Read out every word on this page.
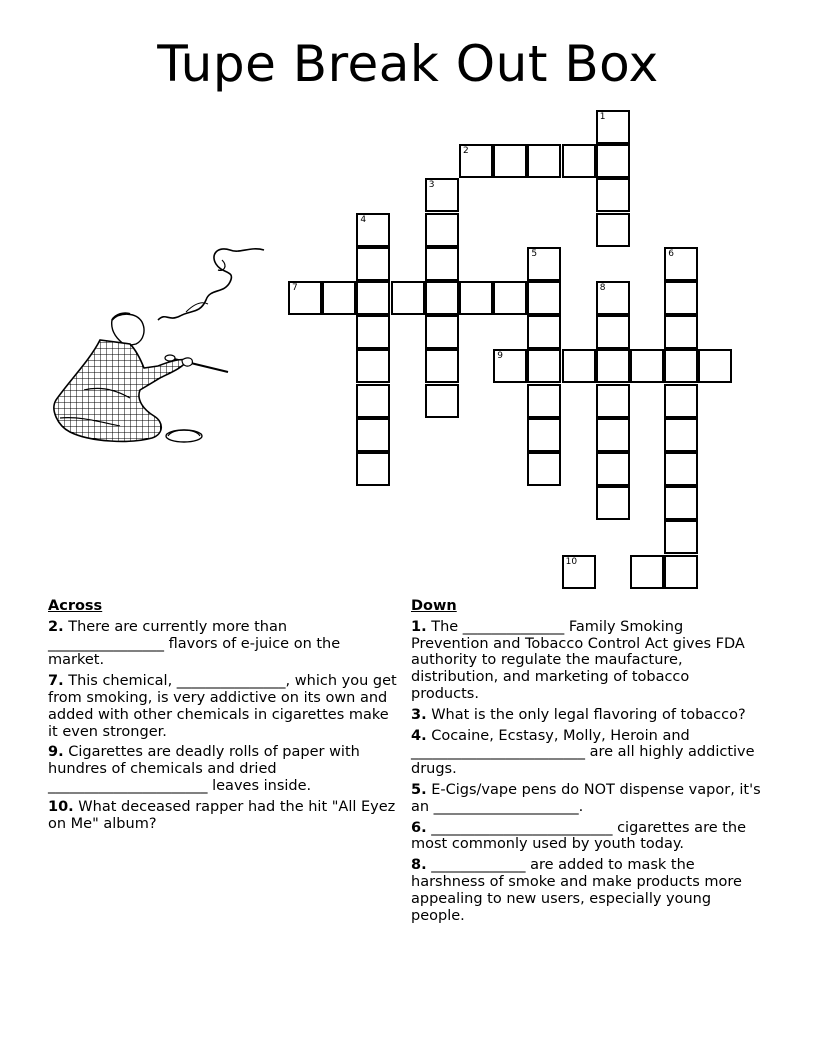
Tupe Break Out Box
1
2
3
4
5	6
7	8
9
10
Across
2. There are currently more than ________________ flavors of e-juice on the market.
7. This chemical, _______________, which you get from smoking, is very addictive on its own and added with other chemicals in cigarettes make it even stronger.
9. Cigarettes are deadly rolls of paper with hundres of chemicals and dried ______________________ leaves inside.
10. What deceased rapper had the hit "All Eyez on Me" album?
Down
1. The ______________ Family Smoking Prevention and Tobacco Control Act gives FDA authority to regulate the maufacture, distribution, and marketing of tobacco products.
3. What is the only legal flavoring of tobacco?
4. Cocaine, Ecstasy, Molly, Heroin and ________________________ are all highly addictive drugs.
5. E-Cigs/vape pens do NOT dispense vapor, it's an ____________________.
6. _________________________ cigarettes are the most commonly used by youth today.
8. _____________ are added to mask the harshness of smoke and make products more appealing to new users, especially young people.
